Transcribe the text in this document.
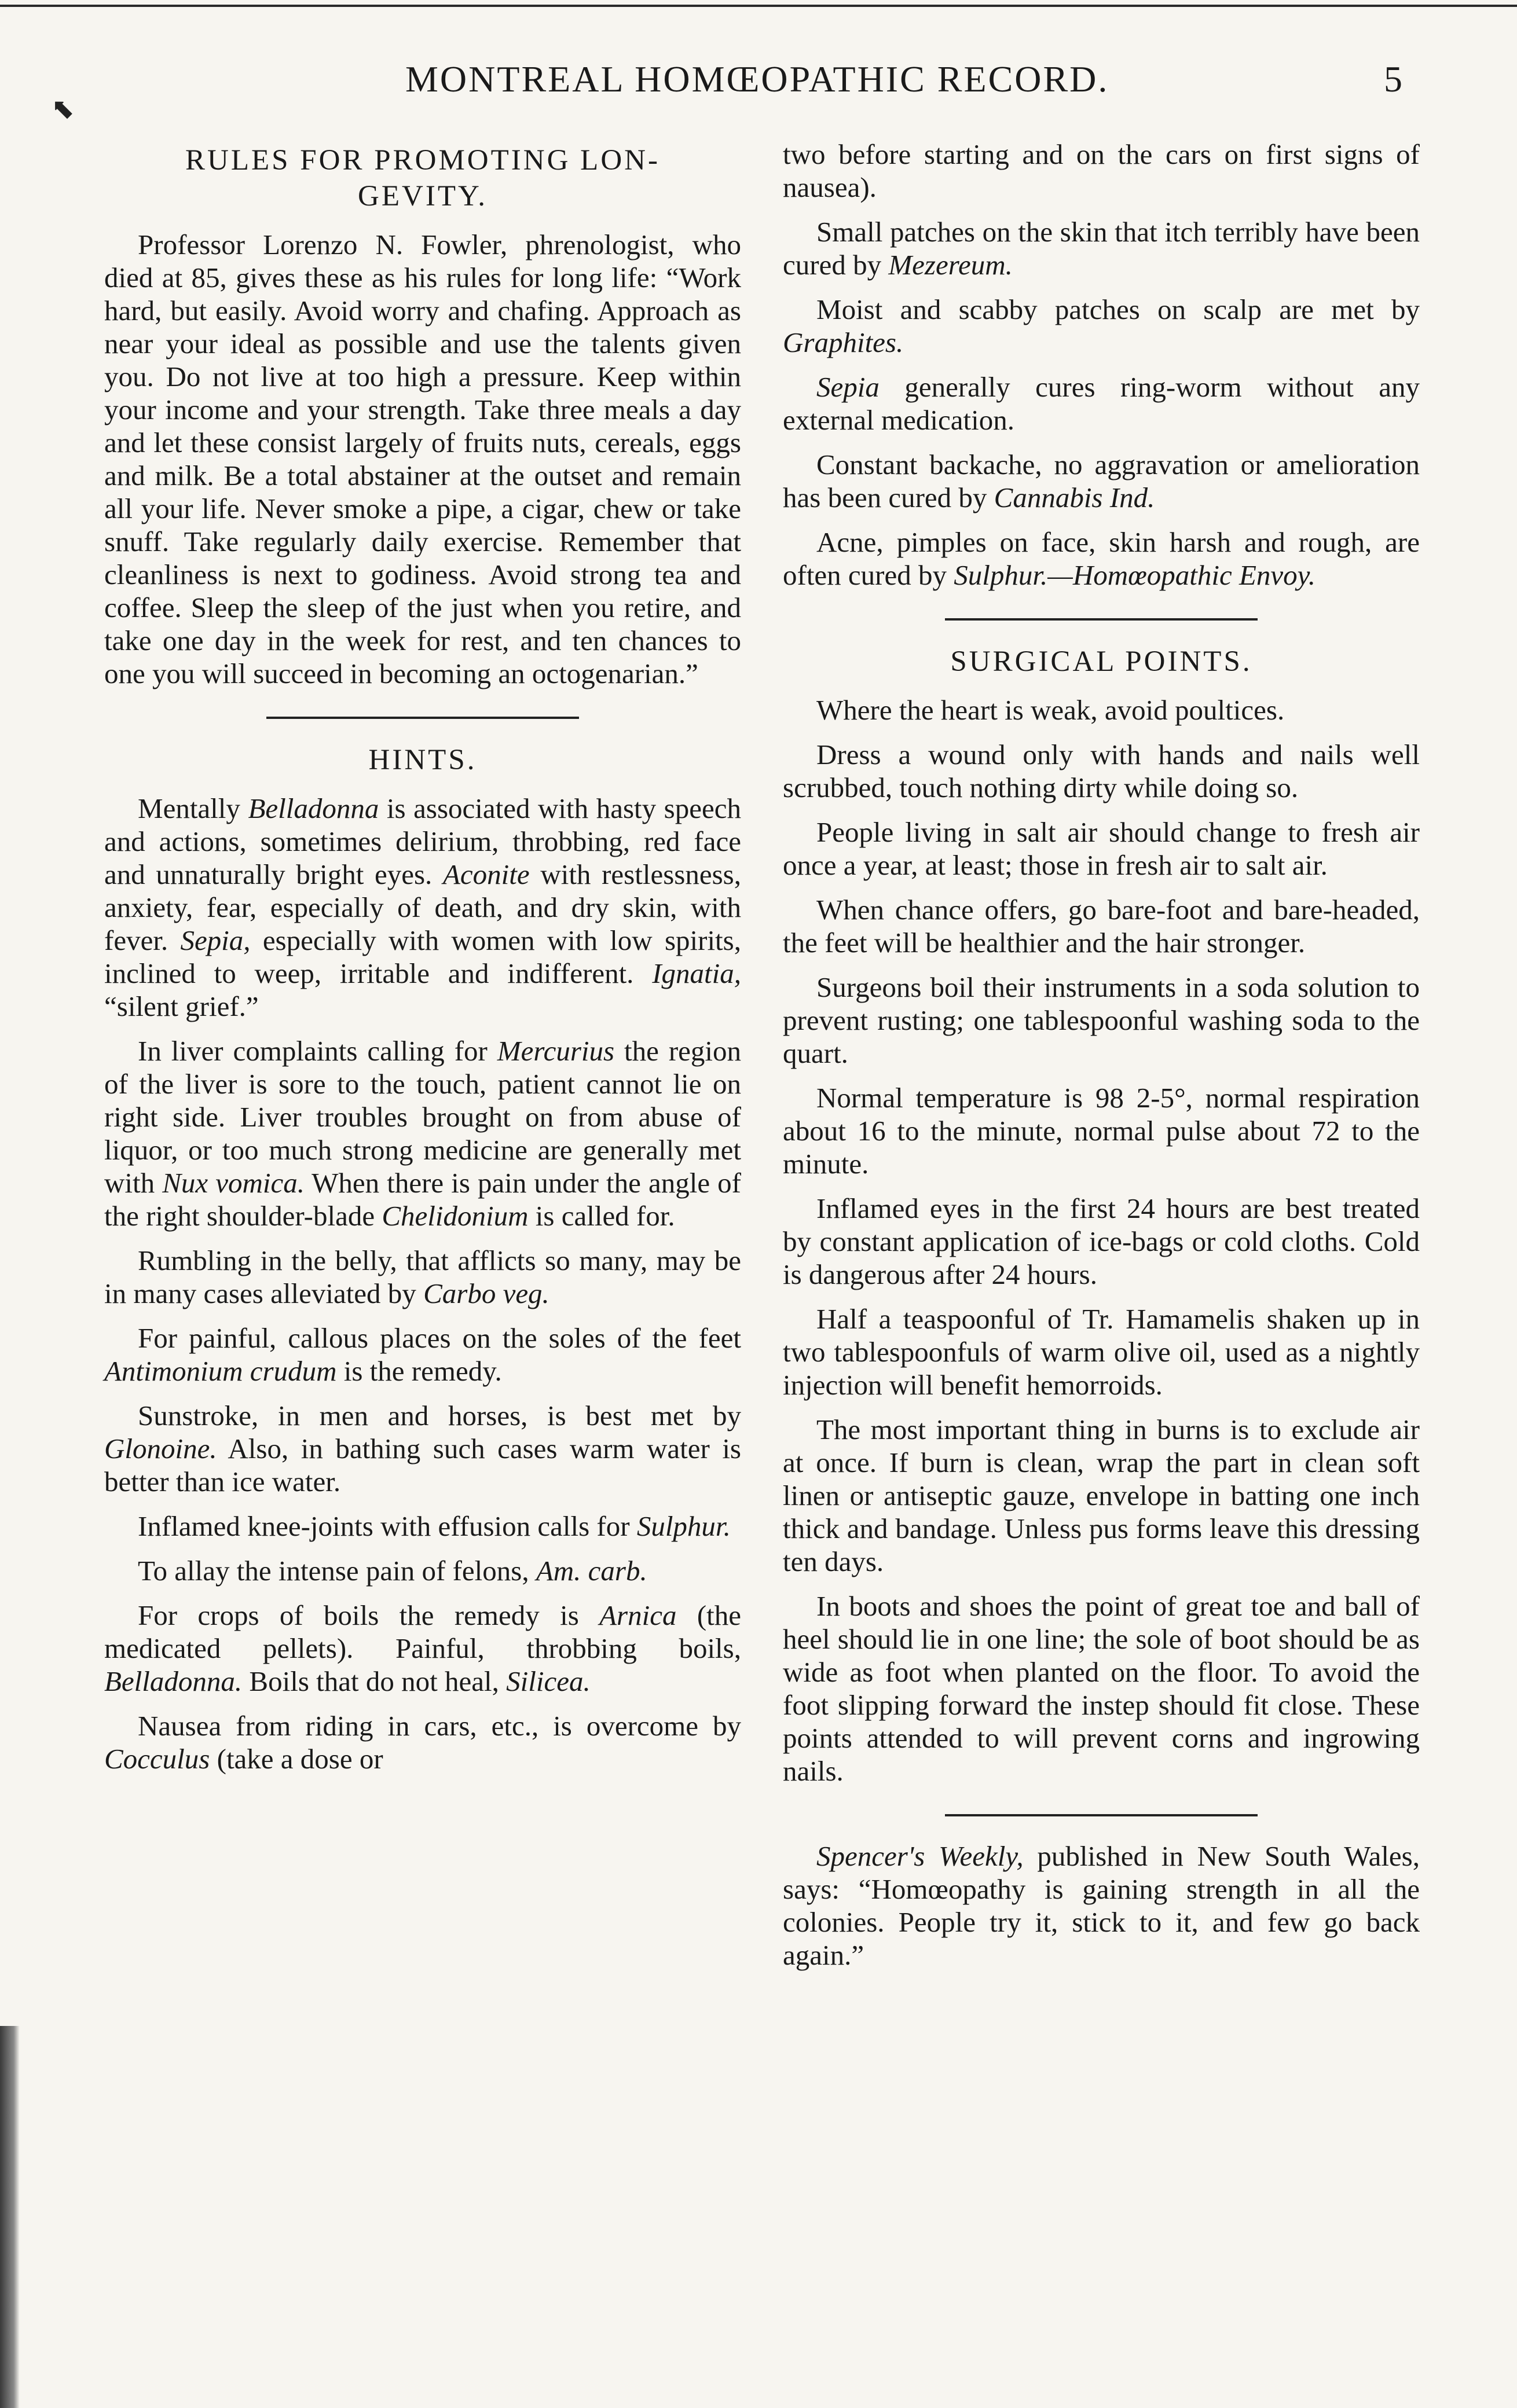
⬉
MONTREAL HOMŒOPATHIC RECORD.	5
RULES FOR PROMOTING LON-GEVITY.

Professor Lorenzo N. Fowler, phrenologist, who died at 85, gives these as his rules for long life: “Work hard, but easily. Avoid worry and chafing. Approach as near your ideal as possible and use the talents given you. Do not live at too high a pressure. Keep within your income and your strength. Take three meals a day and let these consist largely of fruits nuts, cereals, eggs and milk. Be a total abstainer at the outset and remain all your life. Never smoke a pipe, a cigar, chew or take snuff. Take regularly daily exercise. Remember that cleanliness is next to godiness. Avoid strong tea and coffee. Sleep the sleep of the just when you retire, and take one day in the week for rest, and ten chances to one you will succeed in becoming an octogenarian.”

HINTS.

Mentally Belladonna is associated with hasty speech and actions, sometimes delirium, throbbing, red face and unnaturally bright eyes. Aconite with restlessness, anxiety, fear, especially of death, and dry skin, with fever. Sepia, especially with women with low spirits, inclined to weep, irritable and indifferent. Ignatia, “silent grief.”

In liver complaints calling for Mercurius the region of the liver is sore to the touch, patient cannot lie on right side. Liver troubles brought on from abuse of liquor, or too much strong medicine are generally met with Nux vomica. When there is pain under the angle of the right shoulder-blade Chelidonium is called for.

Rumbling in the belly, that afflicts so many, may be in many cases alleviated by Carbo veg.

For painful, callous places on the soles of the feet Antimonium crudum is the remedy.

Sunstroke, in men and horses, is best met by Glonoine. Also, in bathing such cases warm water is better than ice water.

Inflamed knee-joints with effusion calls for Sulphur.

To allay the intense pain of felons, Am. carb.

For crops of boils the remedy is Arnica (the medicated pellets). Painful, throbbing boils, Belladonna. Boils that do not heal, Silicea.

Nausea from riding in cars, etc., is overcome by Cocculus (take a dose or

two before starting and on the cars on first signs of nausea).

Small patches on the skin that itch terribly have been cured by Mezereum.

Moist and scabby patches on scalp are met by Graphites.

Sepia generally cures ring-worm without any external medication.

Constant backache, no aggravation or amelioration has been cured by Cannabis Ind.

Acne, pimples on face, skin harsh and rough, are often cured by Sulphur.—Homœopathic Envoy.

SURGICAL POINTS.

Where the heart is weak, avoid poultices.

Dress a wound only with hands and nails well scrubbed, touch nothing dirty while doing so.

People living in salt air should change to fresh air once a year, at least; those in fresh air to salt air.

When chance offers, go bare-foot and bare-headed, the feet will be healthier and the hair stronger.

Surgeons boil their instruments in a soda solution to prevent rusting; one tablespoonful washing soda to the quart.

Normal temperature is 98 2-5°, normal respiration about 16 to the minute, normal pulse about 72 to the minute.

Inflamed eyes in the first 24 hours are best treated by constant application of ice-bags or cold cloths. Cold is dangerous after 24 hours.

Half a teaspoonful of Tr. Hamamelis shaken up in two tablespoonfuls of warm olive oil, used as a nightly injection will benefit hemorroids.

The most important thing in burns is to exclude air at once. If burn is clean, wrap the part in clean soft linen or antiseptic gauze, envelope in batting one inch thick and bandage. Unless pus forms leave this dressing ten days.

In boots and shoes the point of great toe and ball of heel should lie in one line; the sole of boot should be as wide as foot when planted on the floor. To avoid the foot slipping forward the instep should fit close. These points attended to will prevent corns and ingrowing nails.

Spencer's Weekly, published in New South Wales, says: “Homœopathy is gaining strength in all the colonies. People try it, stick to it, and few go back again.”
